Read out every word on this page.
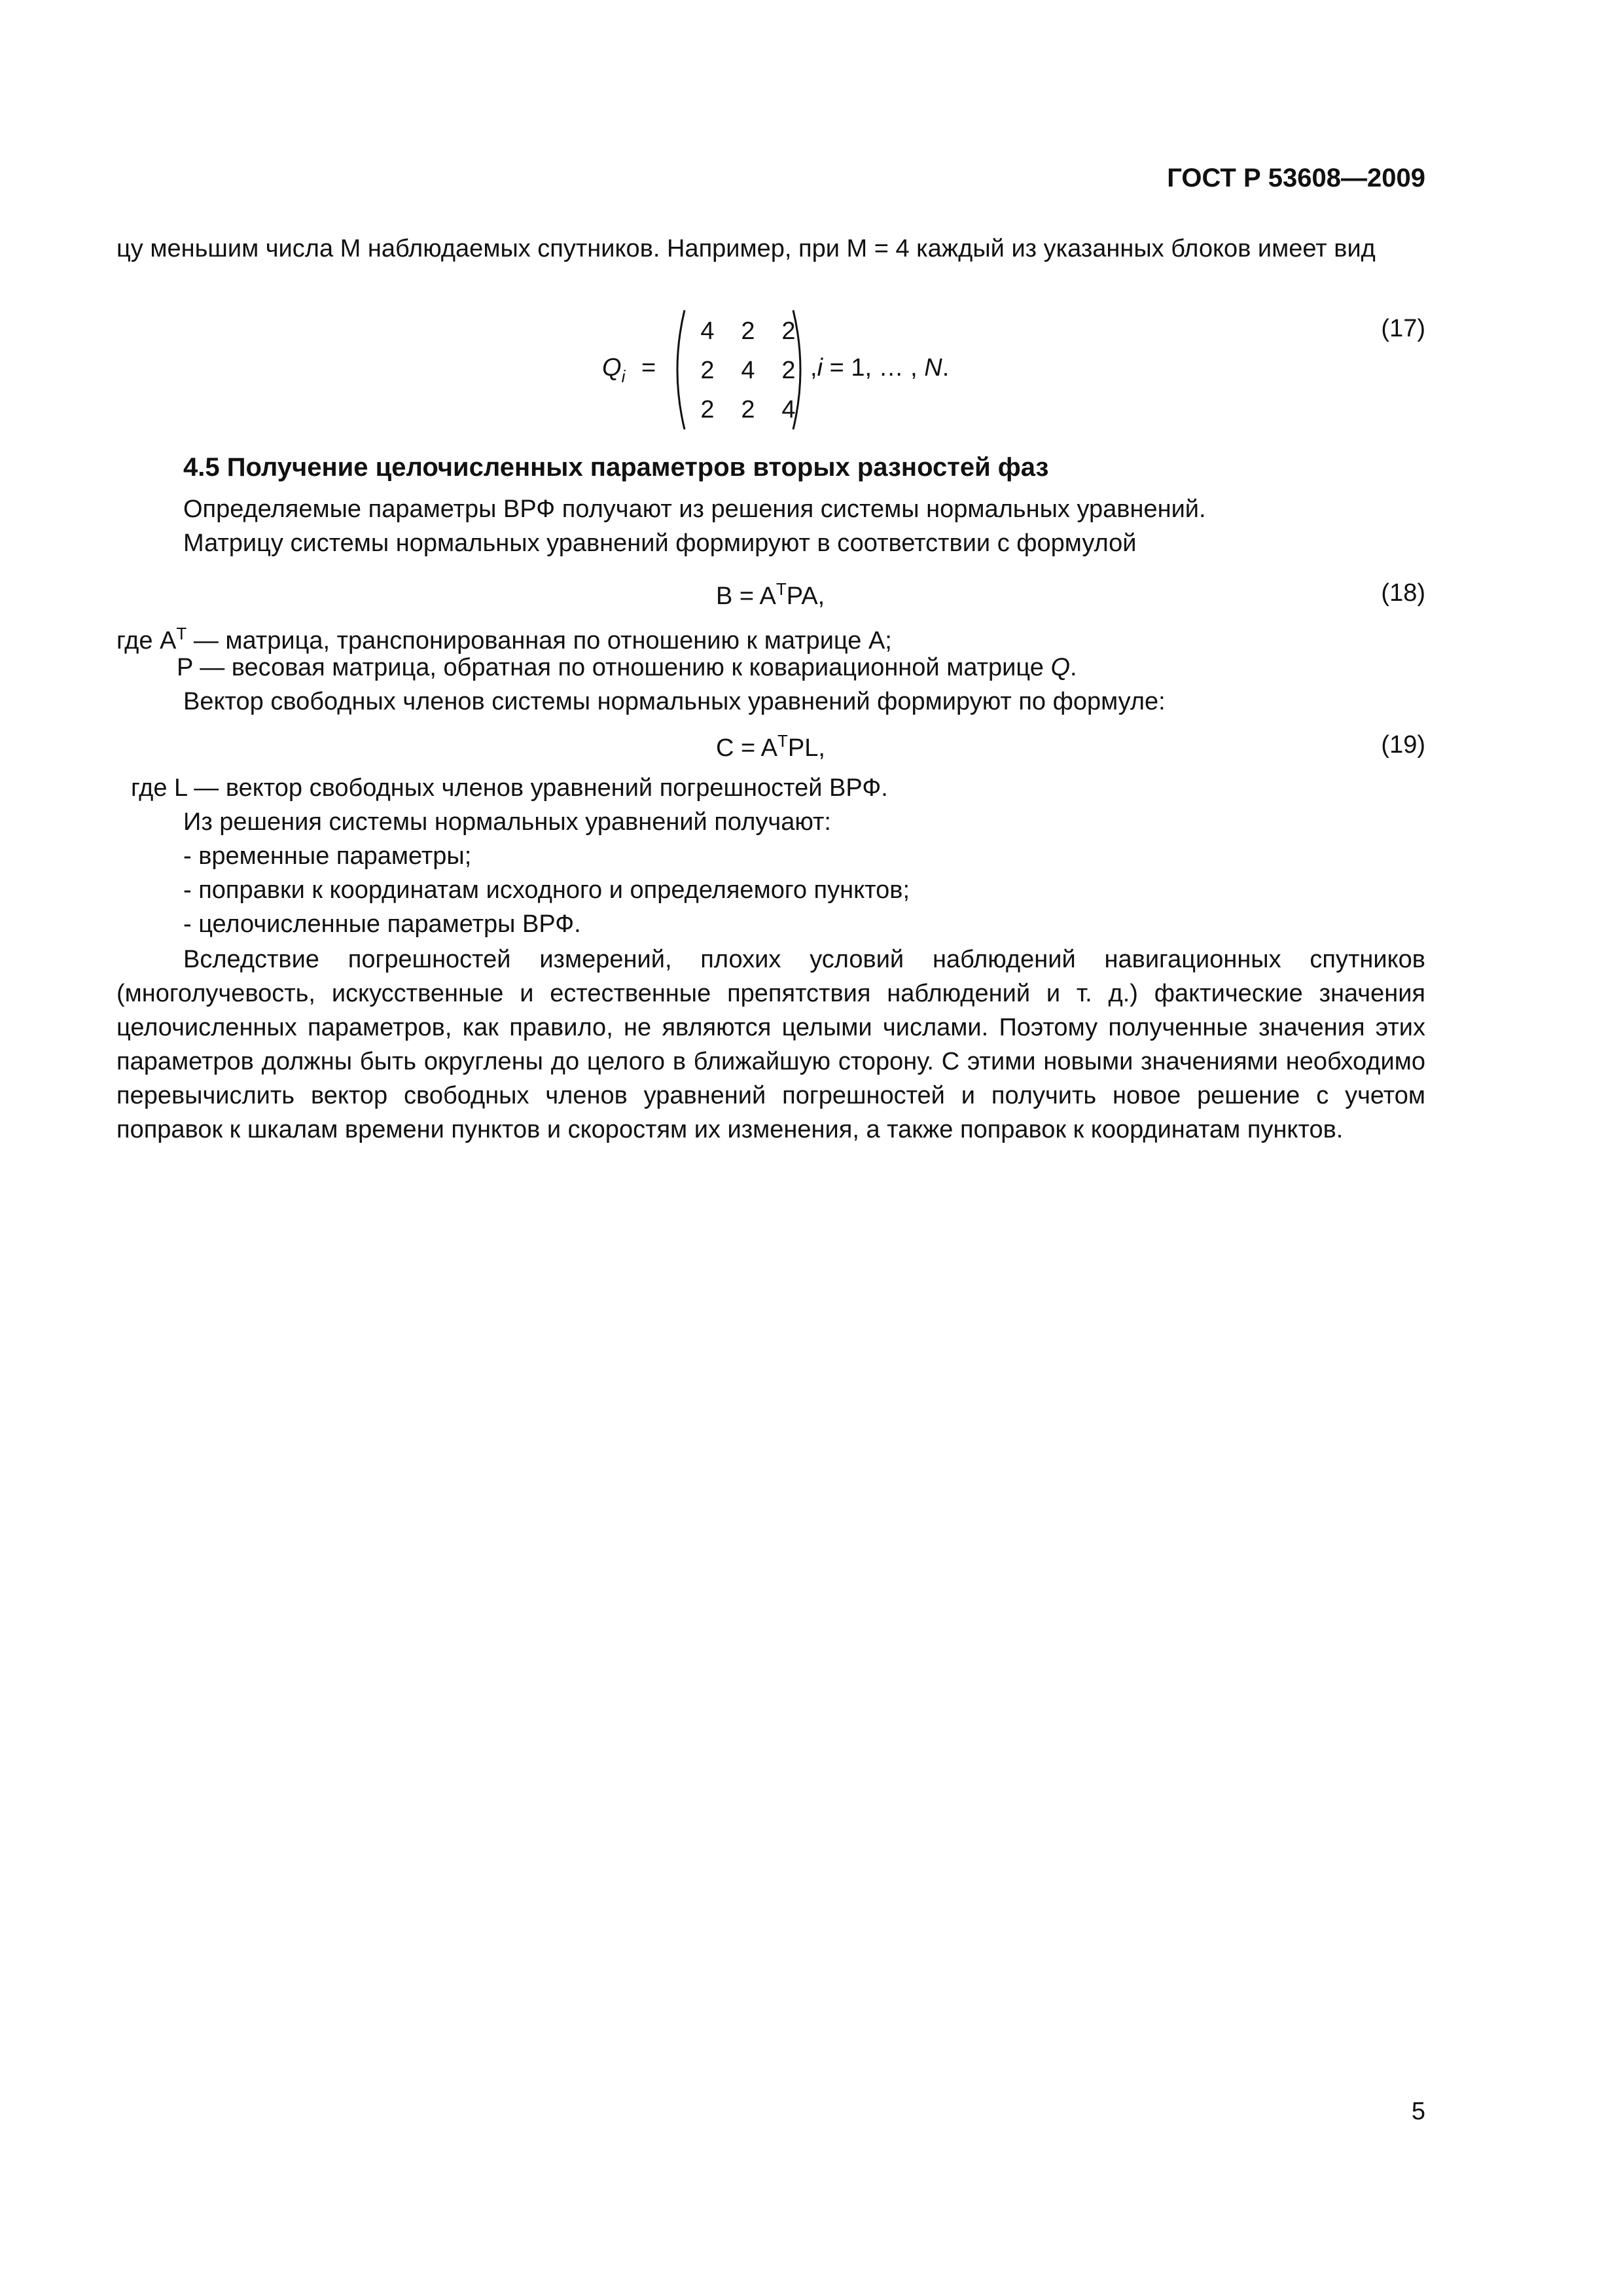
ГОСТ Р 53608—2009
цу меньшим числа M наблюдаемых спутников. Например, при M = 4 каждый из указанных блоков имеет вид
$Q_i$ =
4	2	2
2	4	2
2	2	4
,i = 1, … , N.
(17)
4.5 Получение целочисленных параметров вторых разностей фаз
Определяемые параметры ВРФ получают из решения системы нормальных уравнений.
Матрицу системы нормальных уравнений формируют в соответствии с формулой
$B = A^TPA$,	(18)
где $A^T$ — матрица, транспонированная по отношению к матрице A;
P — весовая матрица, обратная по отношению к ковариационной матрице Q.
Вектор свободных членов системы нормальных уравнений формируют по формуле:
$C = A^TPL$,	(19)
где L — вектор свободных членов уравнений погрешностей ВРФ.
Из решения системы нормальных уравнений получают:
- временные параметры;
- поправки к координатам исходного и определяемого пунктов;
- целочисленные параметры ВРФ.
Вследствие погрешностей измерений, плохих условий наблюдений навигационных спутников (многолучевость, искусственные и естественные препятствия наблюдений и т. д.) фактические значения целочисленных параметров, как правило, не являются целыми числами. Поэтому полученные значения этих параметров должны быть округлены до целого в ближайшую сторону. С этими новыми значениями необходимо перевычислить вектор свободных членов уравнений погрешностей и получить новое решение с учетом поправок к шкалам времени пунктов и скоростям их изменения, а также поправок к координатам пунктов.
5
